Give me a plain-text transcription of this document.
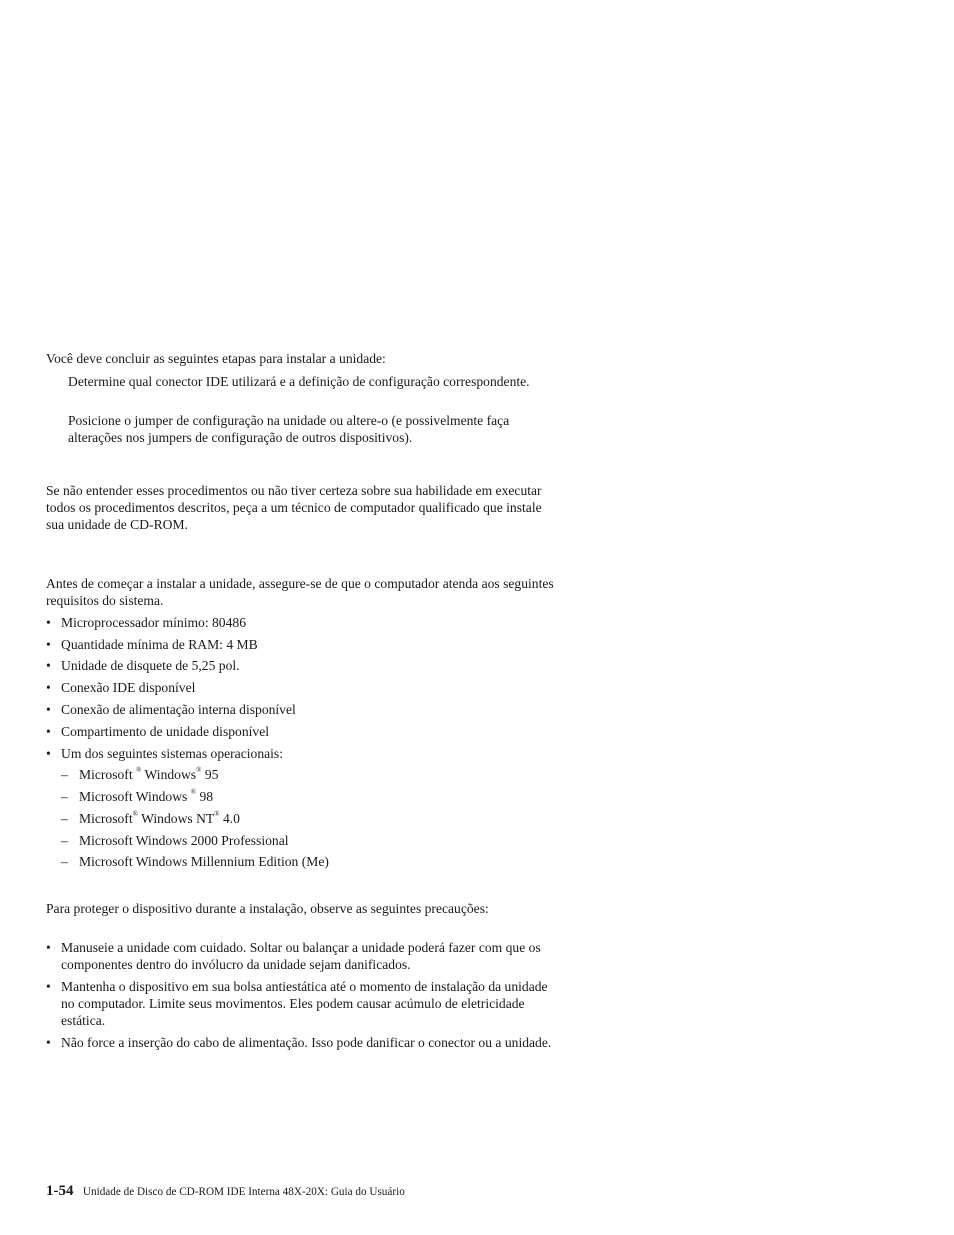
Você deve concluir as seguintes etapas para instalar a unidade:

Determine qual conector IDE utilizará e a definição de configuração correspondente.

Posicione o jumper de configuração na unidade ou altere-o (e possivelmente faça alterações nos jumpers de configuração de outros dispositivos).

Se não entender esses procedimentos ou não tiver certeza sobre sua habilidade em executar todos os procedimentos descritos, peça a um técnico de computador qualificado que instale sua unidade de CD-ROM.

Antes de começar a instalar a unidade, assegure-se de que o computador atenda aos seguintes requisitos do sistema.

• Microprocessador mínimo: 80486
• Quantidade mínima de RAM: 4 MB
• Unidade de disquete de 5,25 pol.
• Conexão IDE disponível
• Conexão de alimentação interna disponível
• Compartimento de unidade disponível
• Um dos seguintes sistemas operacionais:
– Microsoft ® Windows® 95
– Microsoft Windows ® 98
– Microsoft® Windows NT® 4.0
– Microsoft Windows 2000 Professional
– Microsoft Windows Millennium Edition (Me)

Para proteger o dispositivo durante a instalação, observe as seguintes precauções:

• Manuseie a unidade com cuidado. Soltar ou balançar a unidade poderá fazer com que os componentes dentro do invólucro da unidade sejam danificados.
• Mantenha o dispositivo em sua bolsa antiestática até o momento de instalação da unidade no computador. Limite seus movimentos. Eles podem causar acúmulo de eletricidade estática.
• Não force a inserção do cabo de alimentação. Isso pode danificar o conector ou a unidade.
1-54 Unidade de Disco de CD-ROM IDE Interna 48X-20X: Guia do Usuário
